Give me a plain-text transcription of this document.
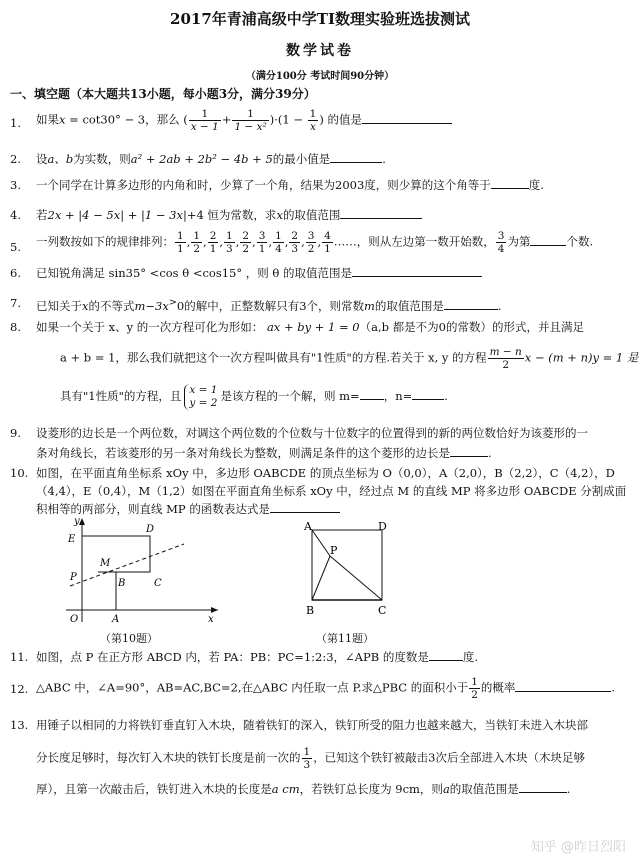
2017年青浦高级中学TI数理实验班选拔测试
数学试卷
（满分100分 考试时间90分钟）
一、填空题（本大题共13小题，每小题3分，满分39分）
1. 如果x = cot30° − 3，那么 ( $\frac{1}{x - 1} + \frac{1}{\text{1 − x²}} )\cdot(1 - \frac{1}{x}$ ) 的值是
2. 设a、b为实数，则a² + 2ab + 2b² − 4b + 5的最小值是	.
3. 一个同学在计算多边形的内角和时，少算了一个角，结果为2003度，则少算的这个角等于	度.
4. 若2x + |4 − 5x| + |1 − 3x|+4 恒为常数，求x的取值范围
5. 一列数按如下的规律排列： $\frac{1}{1}$ , $\frac{1}{2}$ , $\frac{2}{1}$ , $\frac{1}{3}$ , $\frac{2}{2}$ , $\frac{3}{1}$ , $\frac{1}{4}$ , $\frac{2}{3}$ , $\frac{3}{2}$ , $\frac{4}{1}$ ……，则从左边第一数开始数， $\frac{3}{4}$ 为第	个数.
6. 已知锐角满足 sin35° <cos θ <cos15° ，则 θ 的取值范围是
7. 已知关于x的不等式m−3x>0的解中，正整数解只有3个，则常数m的取值范围是	.
8. 如果一个关于 x、y 的一次方程可化为形如： ax + by + 1 = 0（a,b 都是不为0的常数）的形式，并且满足
a + b = 1，那么我们就把这个一次方程叫做具有"1性质"的方程.若关于 x, y 的方程 $\frac{m - n}{2}$ x − (m + n)y = 1 是
具有"1性质"的方程，且 x = 1
y = 2 是该方程的一个解，则 m= ，n=	.
9. 设菱形的边长是一个两位数，对调这个两位数的个位数与十位数字的位置得到的新的两位数恰好为该菱形的一
条对角线长，若该菱形的另一条对角线长为整数，则满足条件的这个菱形的边长是	.
10. 如图，在平面直角坐标系 xOy 中，多边形 OABCDE 的顶点坐标为 O（0,0），A（2,0），B（2,2），C（4,2），D
（4,4），E（0,4），M（1,2）如图在平面直角坐标系 xOy 中，经过点 M 的直线 MP 将多边形 OABCDE 分割成面
积相等的两部分，则直线 MP 的函数表达式是
y
x
O	A
B	C
D
E
M
P
（第10题）
A	D
B	C
P
（第11题）
11. 如图，点 P 在正方形 ABCD 内，若 PA：PB：PC=1:2:3，∠APB 的度数是	度.
12. △ABC 中，∠A=90°，AB=AC,BC=2,在△ABC 内任取一点 P.求△PBC 的面积小于 $\frac{1}{2}$ 的概率	.
13. 用锤子以相同的力将铁钉垂直钉入木块，随着铁钉的深入，铁钉所受的阻力也越来越大，当铁钉未进入木块部
分长度足够时，每次钉入木块的铁钉长度是前一次的 $\frac{1}{3}$ ，已知这个铁钉被敲击3次后全部进入木块（木块足够
厚），且第一次敲击后，铁钉进入木块的长度是a cm，若铁钉总长度为 9cm，则a的取值范围是	.
知乎 @昨日烈阳
